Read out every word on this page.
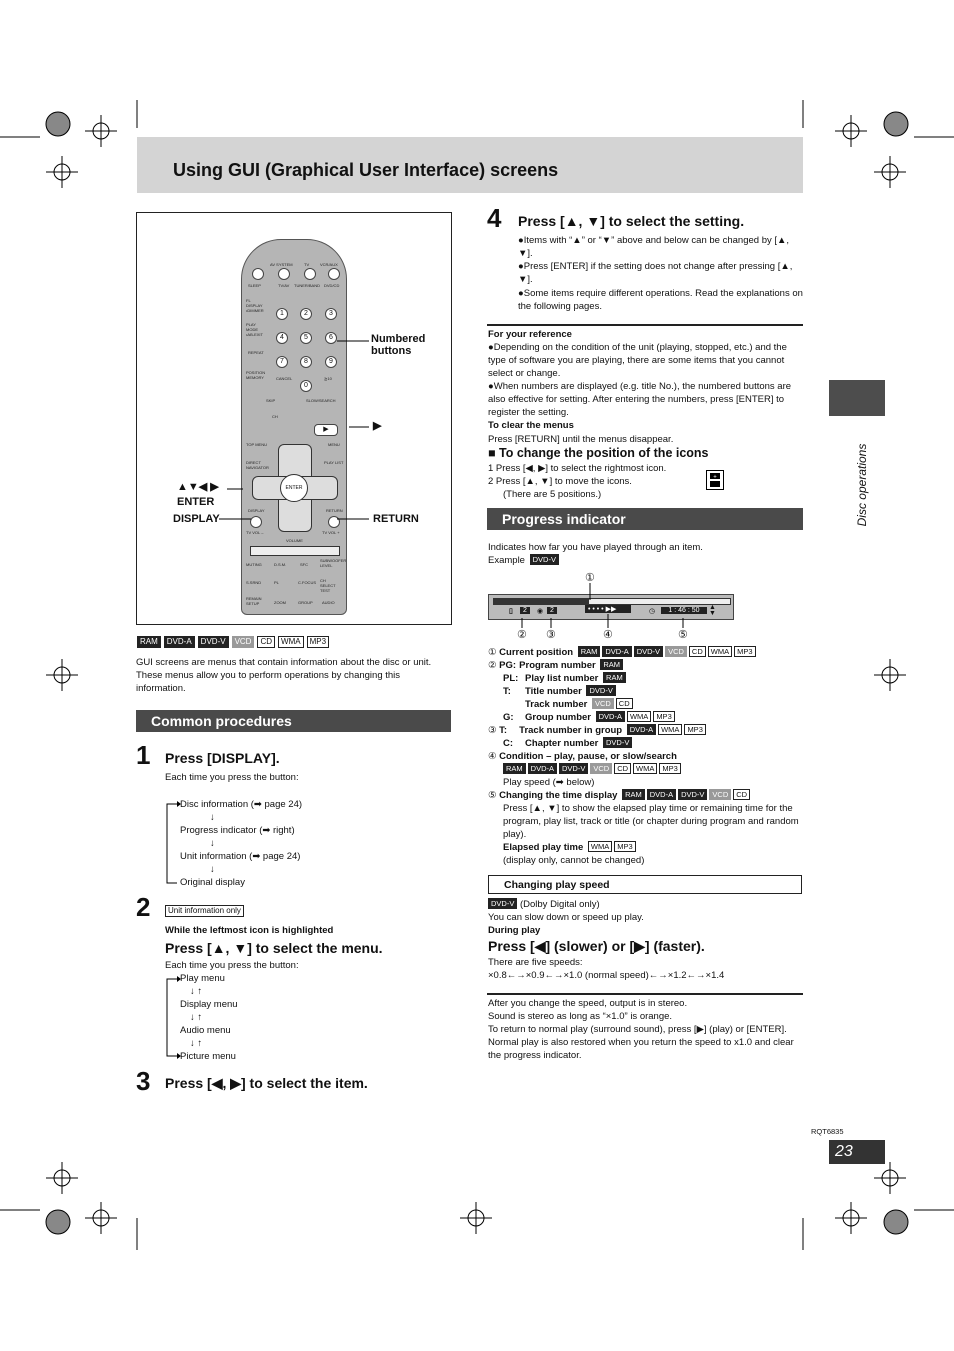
Using GUI (Graphical User Interface) screens
Disc operations
AV SYSTEM	TV	VCR/AUX
SLEEP	TV/AV TUNER/BAND DVD/CD
FL DISPLAY •DIMMER
PLAY MODE •AB-EXIT
1	2	3
4	5	6
REPEAT
7	8	9
POSITION MEMORY	CANCEL	≧10
0
SKIP	SLOW/SEARCH
CH
▶
TOP MENU	MENU
DIRECT NAVIGATOR
PLAY LIST
ENTER
DISPLAY	RETURN
TV VOL –	TV VOL +
VOLUME
MUTING	D.S.M.	SFC
SUBWOOFER LEVEL
S.SRND	PL	C.FOCUS CH SELECT TEST
REMAIN SETUP	ZOOM	GROUP AUDIO
Numbered buttons
▶
▲▼◀ ▶
ENTER
DISPLAY	RETURN
RAM DVD-A DVD-V VCD CD WMA MP3
GUI screens are menus that contain information about the disc or unit. These menus allow you to perform operations by changing this information.
Common procedures
1 Press [DISPLAY].
Each time you press the button:
Disc information (➡ page 24)
↓
Progress indicator (➡ right)
↓
Unit information (➡ page 24)
↓
Original display
2	Unit information only
While the leftmost icon is highlighted
Press [▲, ▼] to select the menu.
Each time you press the button:
Play menu
↓ ↑
Display menu
↓ ↑
Audio menu
↓ ↑
Picture menu
3 Press [◀, ▶] to select the item.
4 Press [▲, ▼] to select the setting.
●Items with “▲” or “▼” above and below can be changed by [▲, ▼].
●Press [ENTER] if the setting does not change after pressing [▲, ▼].
●Some items require different operations. Read the explanations on the following pages.
For your reference
●Depending on the condition of the unit (playing, stopped, etc.) and the type of software you are playing, there are some items that you cannot select or change.
●When numbers are displayed (e.g. title No.), the numbered buttons are also effective for setting. After entering the numbers, press [ENTER] to register the setting.
To clear the menus
Press [RETURN] until the menus disappear.
■ To change the position of the icons
1 Press [◀, ▶] to select the rightmost icon.
2 Press [▲, ▼] to move the icons.
(There are 5 positions.)
+
Progress indicator
Indicates how far you have played through an item.
Example DVD-V
▯	2	◉ 2	• • • • ▶▶	◷	1 : 46 : 50	▲
▼
①
② ③	④	⑤
① Current position RAM DVD-A DVD-V VCD CD WMA MP3
② PG: Program number RAM
PL: Play list number RAM
T: Title number DVD-V
Track number VCD CD
G: Group number DVD-A WMA MP3
③ T: Track number in group DVD-A WMA MP3
C: Chapter number DVD-V
④ Condition – play, pause, or slow/search
RAM DVD-A DVD-V VCD CD WMA MP3
Play speed (➡ below)
⑤ Changing the time display RAM DVD-A DVD-V VCD CD
Press [▲, ▼] to show the elapsed play time or remaining time for the program, play list, track or title (or chapter during program and random play).
Elapsed play time WMA MP3
(display only, cannot be changed)
Changing play speed
DVD-V (Dolby Digital only)
You can slow down or speed up play.
During play
Press [◀] (slower) or [▶] (faster).
There are five speeds:
×0.8←→×0.9←→×1.0 (normal speed)←→×1.2←→×1.4
After you change the speed, output is in stereo.
Sound is stereo as long as “×1.0” is orange.
To return to normal play (surround sound), press [▶] (play) or [ENTER].
Normal play is also restored when you return the speed to x1.0 and clear the progress indicator.
RQT6835
23
